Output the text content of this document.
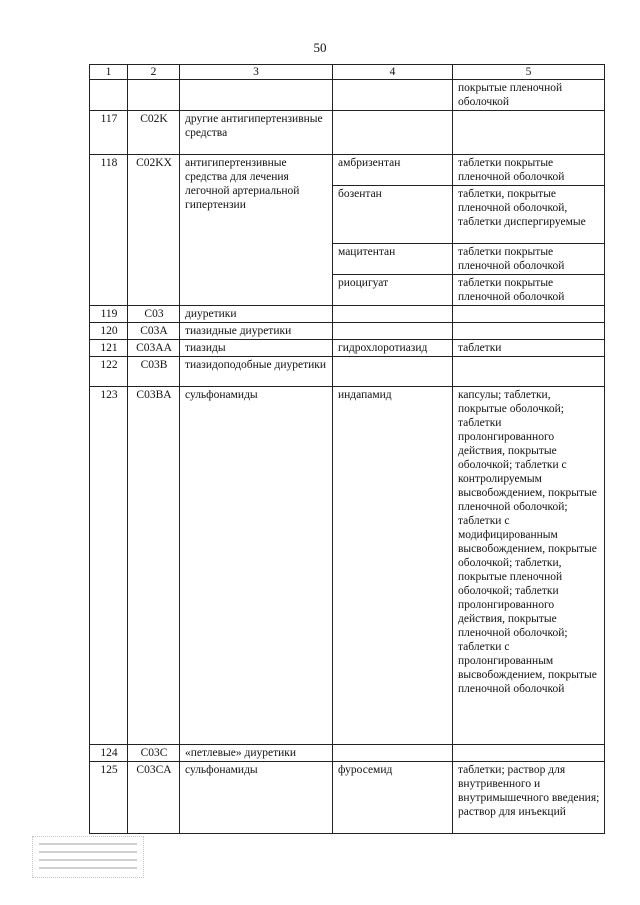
50
1	2	3	4	5
				покрытые пленочной оболочкой
117	C02K	другие антигипертензивные средства		
118	C02KX	антигипертензивные средства для лечения легочной артериальной гипертензии	амбризентан	таблетки покрытые пленочной оболочкой
			бозентан	таблетки, покрытые пленочной оболочкой, таблетки диспергируемые
			мацитентан	таблетки покрытые пленочной оболочкой
			риоцигуат	таблетки покрытые пленочной оболочкой
119	C03	диуретики		
120	C03A	тиазидные диуретики		
121	C03AA	тиазиды	гидрохлоротиазид	таблетки
122	C03B	тиазидоподобные диуретики		
123	C03BA	сульфонамиды	индапамид	капсулы; таблетки, покрытые оболочкой; таблетки пролонгированного действия, покрытые оболочкой; таблетки с контролируемым высвобождением, покрытые пленочной оболочкой; таблетки с модифицированным высвобождением, покрытые оболочкой; таблетки, покрытые пленочной оболочкой; таблетки пролонгированного действия, покрытые пленочной оболочкой; таблетки с пролонгированным высвобождением, покрытые пленочной оболочкой
124	C03C	«петлевые» диуретики		
125	C03CA	сульфонамиды	фуросемид	таблетки; раствор для внутривенного и внутримышечного введения; раствор для инъекций
